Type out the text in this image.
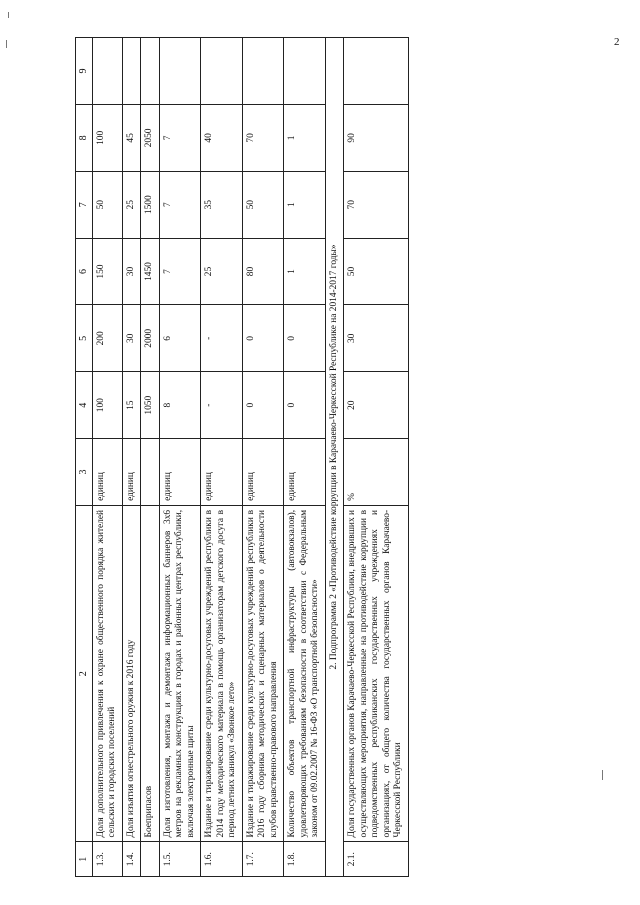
1	2	3	4	5	6	7	8	9
1.3.	Доля дополнительного привлечения к охране общественного порядка жителей сельских и городских поселений	единиц	100	200	150	50	100	
1.4.	Доля изъятия огнестрельного оружия к 2016 году	единиц	15	30	30	25	45	
	Боеприпасов		1050	2000	1450	1500	2050	
1.5.	Доля изготовления, монтажа и демонтажа информационных баннеров 3х6 метров на рекламных конструкциях в городах и районных центрах республики, включая электронные щиты	единиц	8	6	7	7	7	
1.6.	Издание и тиражирование среди культурно-досуговых учреждений республики в 2014 году методического материала в помощь организаторам детского досуга в период летних каникул «Звонкое лето»	единиц	-	-	25	35	40	
1.7.	Издание и тиражирование среди культурно-досуговых учреждений республики в 2016 году сборника методических и сценарных материалов о деятельности клубов нравственно-правового направления	единиц	0	0	80	50	70	
1.8.	Количество объектов транспортной инфраструктуры (автовокзалов), удовлетворяющих требованиям безопасности в соответствии с Федеральным законом от 09.02.2007 № 16-ФЗ «О транспортной безопасности»	единиц	0	0	1	1	1	
2. Подпрограмма 2 «Противодействие коррупции в Карачаево-Черкесской Республике на 2014-2017 годы»								
2.1.	Доля государственных органов Карачаево-Черкесской Республики, внедривших и осуществляющих мероприятия, направленные на противодействие коррупции в подведомственных республиканских государственных учреждениях и организациях, от общего количества государственных органов Карачаево-Черкесской Республики	%	20	30	50	70	90	
2
